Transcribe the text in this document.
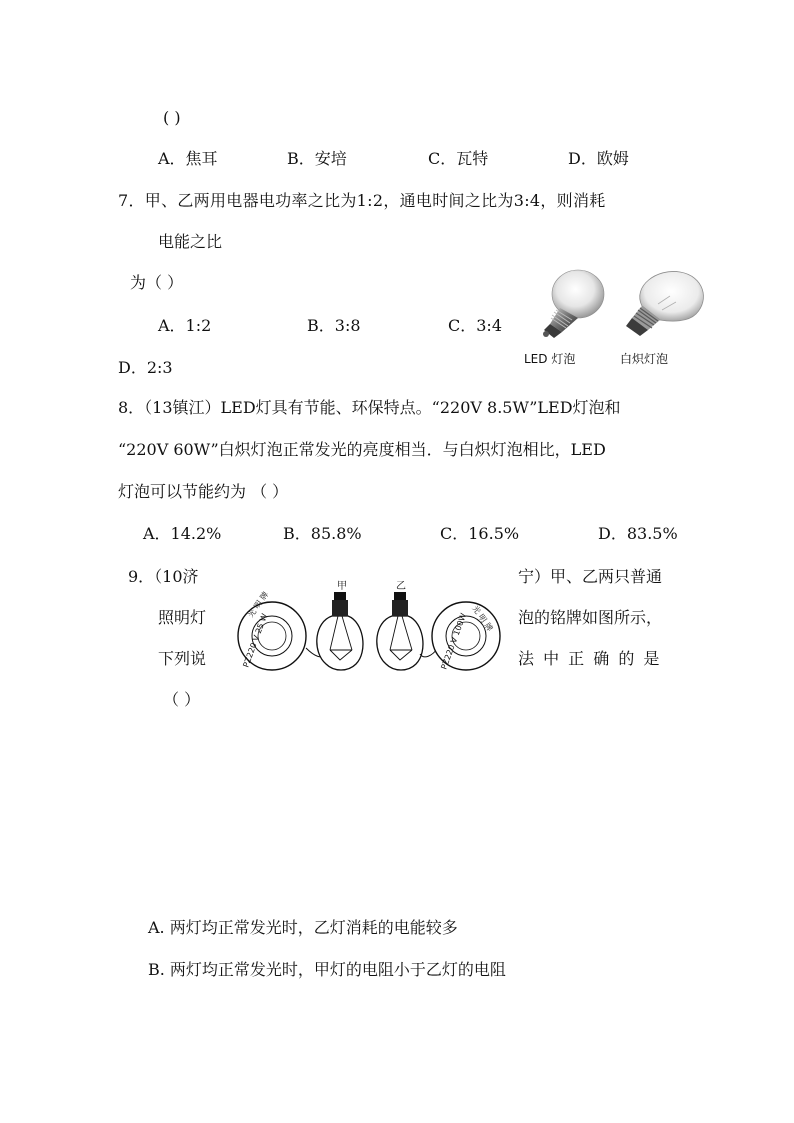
( )
A．焦耳	B．安培	C．瓦特	D．欧姆
7．甲、乙两用电器电功率之比为1:2，通电时间之比为3:4，则消耗
电能之比
为（ ）
A．1:2	B．3:8	C．3:4
D．2:3	LED 灯泡	白炽灯泡
8．（13镇江）LED灯具有节能、环保特点。“220V 8.5W”LED灯泡和
“220V 60W”白炽灯泡正常发光的亮度相当．与白炽灯泡相比，LED
灯泡可以节能约为 （ ）
A．14.2%	B．85.8%	C．16.5%	D．83.5%
9．（10济	宁）甲、乙两只普通
照明灯	泡的铭牌如图所示，
下列说	法 中 正 确 的 是
（ ）
甲	乙
光 明 牌
PZ220 V 25 W	光 明 牌
PZ220 V 100W
A. 两灯均正常发光时，乙灯消耗的电能较多
B. 两灯均正常发光时，甲灯的电阻小于乙灯的电阻
